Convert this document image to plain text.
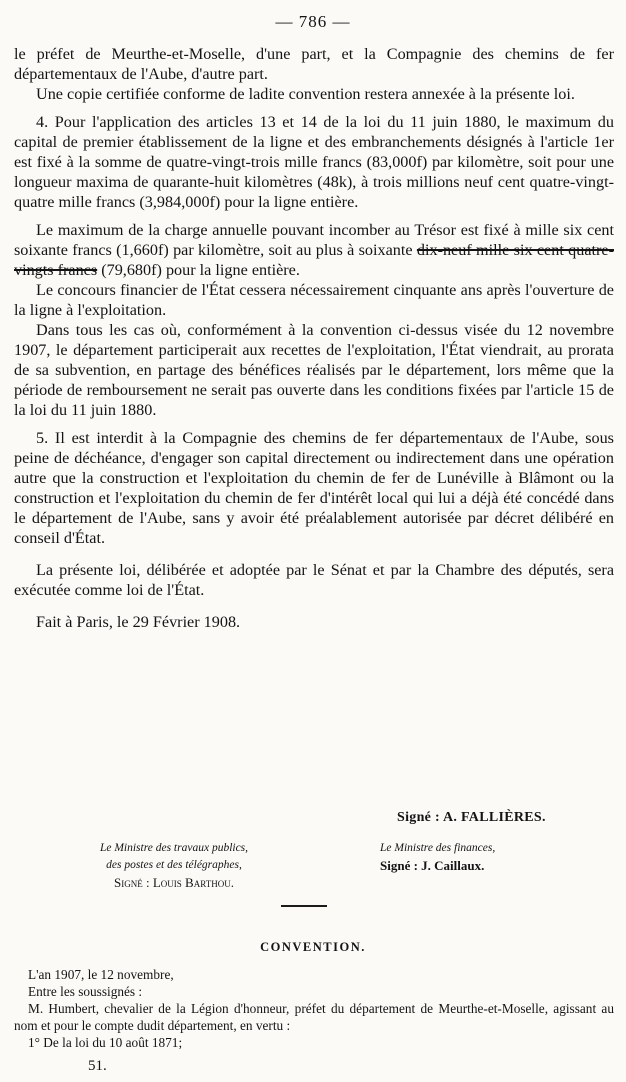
— 786 —

le préfet de Meurthe-et-Moselle, d'une part, et la Compagnie des chemins de fer départementaux de l'Aube, d'autre part.

Une copie certifiée conforme de ladite convention restera annexée à la présente loi.

4. Pour l'application des articles 13 et 14 de la loi du 11 juin 1880, le maximum du capital de premier établissement de la ligne et des embranchements désignés à l'article 1er est fixé à la somme de quatre-vingt-trois mille francs (83,000f) par kilomètre, soit pour une longueur maxima de quarante-huit kilomètres (48k), à trois millions neuf cent quatre-vingt-quatre mille francs (3,984,000f) pour la ligne entière.

Le maximum de la charge annuelle pouvant incomber au Trésor est fixé à mille six cent soixante francs (1,660f) par kilomètre, soit au plus à soixante dix-neuf mille six cent quatre-vingts francs (79,680f) pour la ligne entière.

Le concours financier de l'État cessera nécessairement cinquante ans après l'ouverture de la ligne à l'exploitation.

Dans tous les cas où, conformément à la convention ci-dessus visée du 12 novembre 1907, le département participerait aux recettes de l'exploitation, l'État viendrait, au prorata de sa subvention, en partage des bénéfices réalisés par le département, lors même que la période de remboursement ne serait pas ouverte dans les conditions fixées par l'article 15 de la loi du 11 juin 1880.

5. Il est interdit à la Compagnie des chemins de fer départementaux de l'Aube, sous peine de déchéance, d'engager son capital directement ou indirectement dans une opération autre que la construction et l'exploitation du chemin de fer de Lunéville à Blâmont ou la construction et l'exploitation du chemin de fer d'intérêt local qui lui a déjà été concédé dans le département de l'Aube, sans y avoir été préalablement autorisée par décret délibéré en conseil d'État.

La présente loi, délibérée et adoptée par le Sénat et par la Chambre des députés, sera exécutée comme loi de l'État.

Fait à Paris, le 29 Février 1908.

Signé : A. FALLIÈRES.
Le Ministre des travaux publics,
des postes et des télégraphes,
Signé : Louis Barthou.
Le Ministre des finances,
Signé : J. Caillaux.
CONVENTION.

L'an 1907, le 12 novembre,

Entre les soussignés :

M. Humbert, chevalier de la Légion d'honneur, préfet du département de Meurthe-et-Moselle, agissant au nom et pour le compte dudit département, en vertu :

1° De la loi du 10 août 1871;

51.
